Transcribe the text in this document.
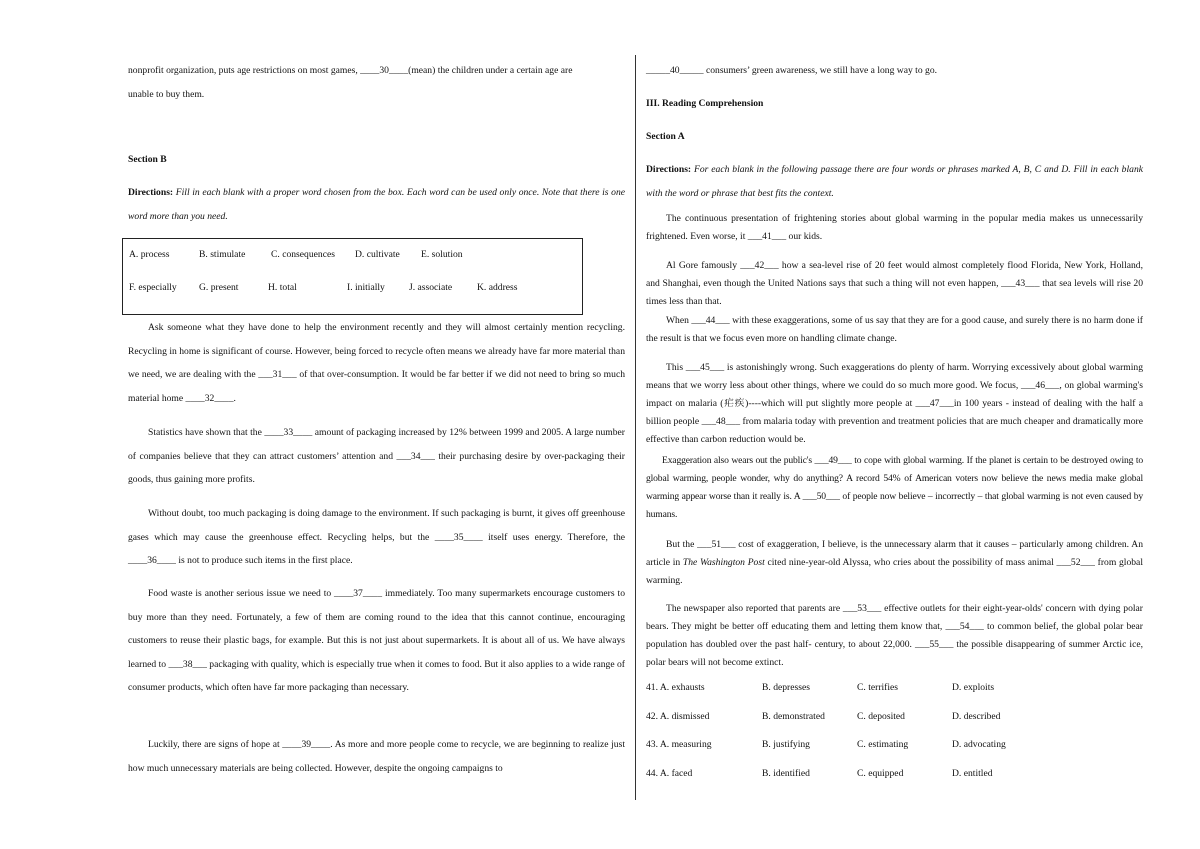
nonprofit organization, puts age restrictions on most games, ____30____(mean) the children under a certain age are
unable to buy them.
Section B
Directions: Fill in each blank with a proper word chosen from the box. Each word can be used only once. Note that there is one word more than you need.
A. process	B. stimulate	C. consequences D. cultivate E. solution
F. especially G. present	H. total	I. initially	J. associate	K. address
Ask someone what they have done to help the environment recently and they will almost certainly mention recycling. Recycling in home is significant of course. However, being forced to recycle often means we already have far more material than we need, we are dealing with the ___31___ of that over-consumption. It would be far better if we did not need to bring so much material home ____32____.
Statistics have shown that the ____33____ amount of packaging increased by 12% between 1999 and 2005. A large number of companies believe that they can attract customers’ attention and ___34___ their purchasing desire by over-packaging their goods, thus gaining more profits.
Without doubt, too much packaging is doing damage to the environment. If such packaging is burnt, it gives off greenhouse gases which may cause the greenhouse effect. Recycling helps, but the ____35____ itself uses energy. Therefore, the ____36____ is not to produce such items in the first place.
Food waste is another serious issue we need to ____37____ immediately. Too many supermarkets encourage customers to buy more than they need. Fortunately, a few of them are coming round to the idea that this cannot continue, encouraging customers to reuse their plastic bags, for example. But this is not just about supermarkets. It is about all of us. We have always learned to ___38___ packaging with quality, which is especially true when it comes to food. But it also applies to a wide range of consumer products, which often have far more packaging than necessary.
Luckily, there are signs of hope at ____39____. As more and more people come to recycle, we are beginning to realize just how much unnecessary materials are being collected. However, despite the ongoing campaigns to
_____40_____ consumers’ green awareness, we still have a long way to go.
III. Reading Comprehension
Section A
Directions: For each blank in the following passage there are four words or phrases marked A, B, C and D. Fill in each blank with the word or phrase that best fits the context.
The continuous presentation of frightening stories about global warming in the popular media makes us unnecessarily frightened. Even worse, it ___41___ our kids.
Al Gore famously ___42___ how a sea-level rise of 20 feet would almost completely flood Florida, New York, Holland, and Shanghai, even though the United Nations says that such a thing will not even happen, ___43___ that sea levels will rise 20 times less than that.
When ___44___ with these exaggerations, some of us say that they are for a good cause, and surely there is no harm done if the result is that we focus even more on handling climate change.
This ___45___ is astonishingly wrong. Such exaggerations do plenty of harm. Worrying excessively about global warming means that we worry less about other things, where we could do so much more good. We focus, ___46___, on global warming's impact on malaria (疟疾)----which will put slightly more people at ___47___in 100 years - instead of dealing with the half a billion people ___48___ from malaria today with prevention and treatment policies that are much cheaper and dramatically more effective than carbon reduction would be.
Exaggeration also wears out the public's ___49___ to cope with global warming. If the planet is certain to be destroyed owing to global warming, people wonder, why do anything? A record 54% of American voters now believe the news media make global warming appear worse than it really is. A ___50___ of people now believe – incorrectly – that global warming is not even caused by humans.
But the ___51___ cost of exaggeration, I believe, is the unnecessary alarm that it causes – particularly among children. An article in The Washington Post cited nine-year-old Alyssa, who cries about the possibility of mass animal ___52___ from global warming.
The newspaper also reported that parents are ___53___ effective outlets for their eight-year-olds' concern with dying polar bears. They might be better off educating them and letting them know that, ___54___ to common belief, the global polar bear population has doubled over the past half- century, to about 22,000. ___55___ the possible disappearing of summer Arctic ice, polar bears will not become extinct.
41. A. exhausts	B. depresses	C. terrifies	D. exploits
42. A. dismissed	B. demonstrated	C. deposited	D. described
43. A. measuring	B. justifying	C. estimating	D. advocating
44. A. faced	B. identified	C. equipped	D. entitled
